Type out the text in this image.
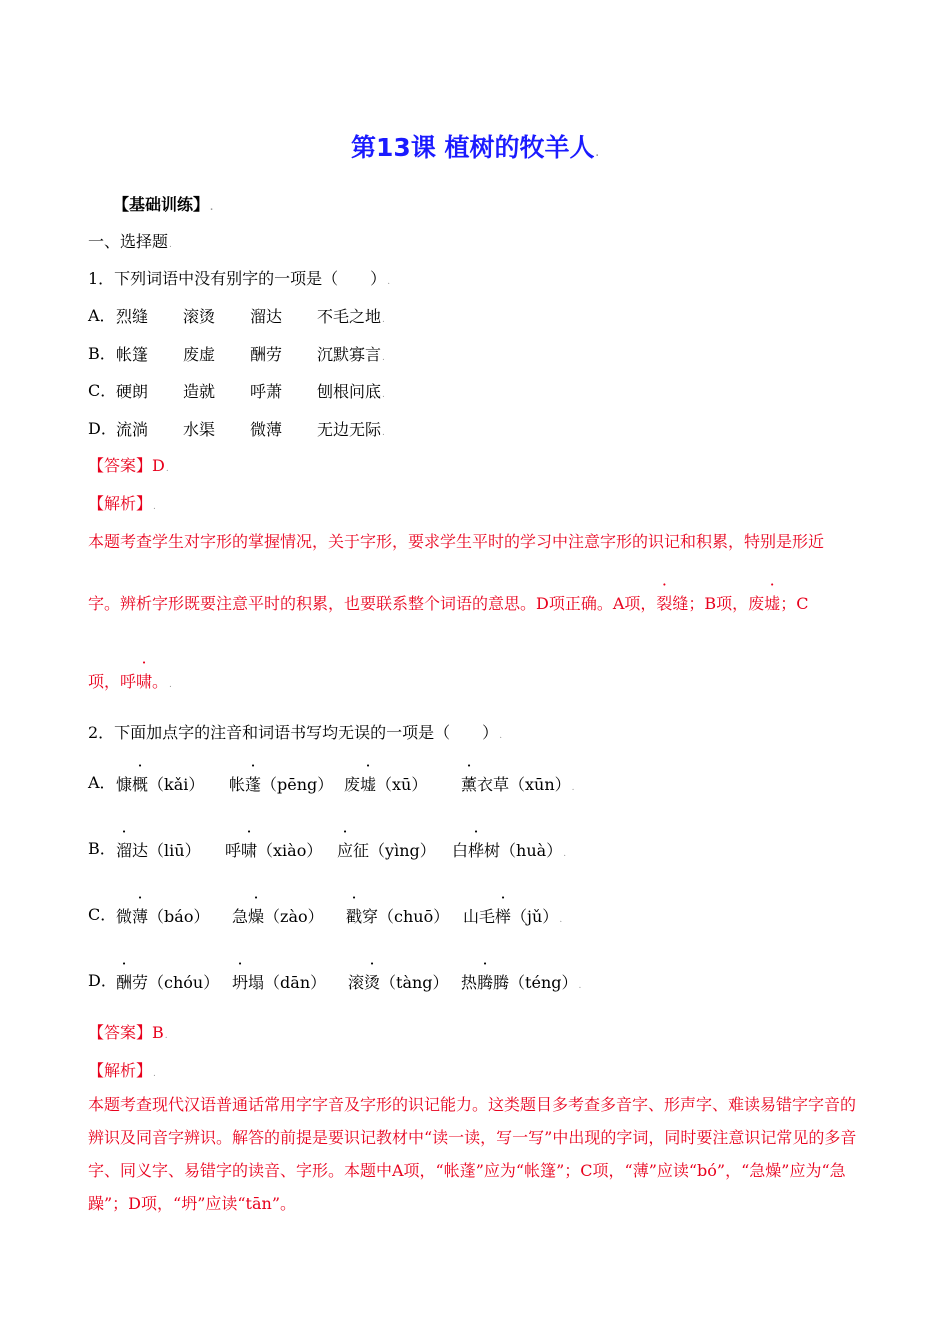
第13课 植树的牧羊人.
【基础训练】.
一、选择题.
1．下列词语中没有别字的一项是（　　）.
A． 烈缝 滚烫 溜达 不毛之地.
B． 帐篷 废虚 酬劳 沉默寡言.
C． 硬朗 造就 呼萧 刨根问底.
D． 流淌 水渠 微薄 无边无际.
【答案】D.
【解析】.
本题考查学生对字形的掌握情况，关于字形，要求学生平时的学习中注意字形的识记和积累，特别是形近
字。辨析字形既要注意平时的积累，也要联系整个词语的意思。D项正确。A项，裂缝；B项，废墟；C
项，呼啸。.
2．下面加点字的注音和词语书写均无误的一项是（　　）.
A． 慷概（kǎi） 帐蓬（pēng） 废墟（xū） 薰衣草（xūn）.
B． 溜达（liū） 呼啸（xiào） 应征（yìng） 白桦树（huà）.
C． 微薄（báo） 急燥（zào） 戳穿（chuō） 山毛榉（jǔ）.
D． 酬劳（chóu） 坍塌（dān） 滚烫（tàng） 热腾腾（téng）.
【答案】B.
【解析】.
本题考查现代汉语普通话常用字字音及字形的识记能力。这类题目多考查多音字、形声字、难读易错字字音的辨识及同音字辨识。解答的前提是要识记教材中“读一读，写一写”中出现的字词，同时要注意识记常见的多音字、同义字、易错字的读音、字形。本题中A项，“帐蓬”应为“帐篷”；C项，“薄”应读“bó”，“急燥”应为“急躁”；D项，“坍”应读“tān”。
